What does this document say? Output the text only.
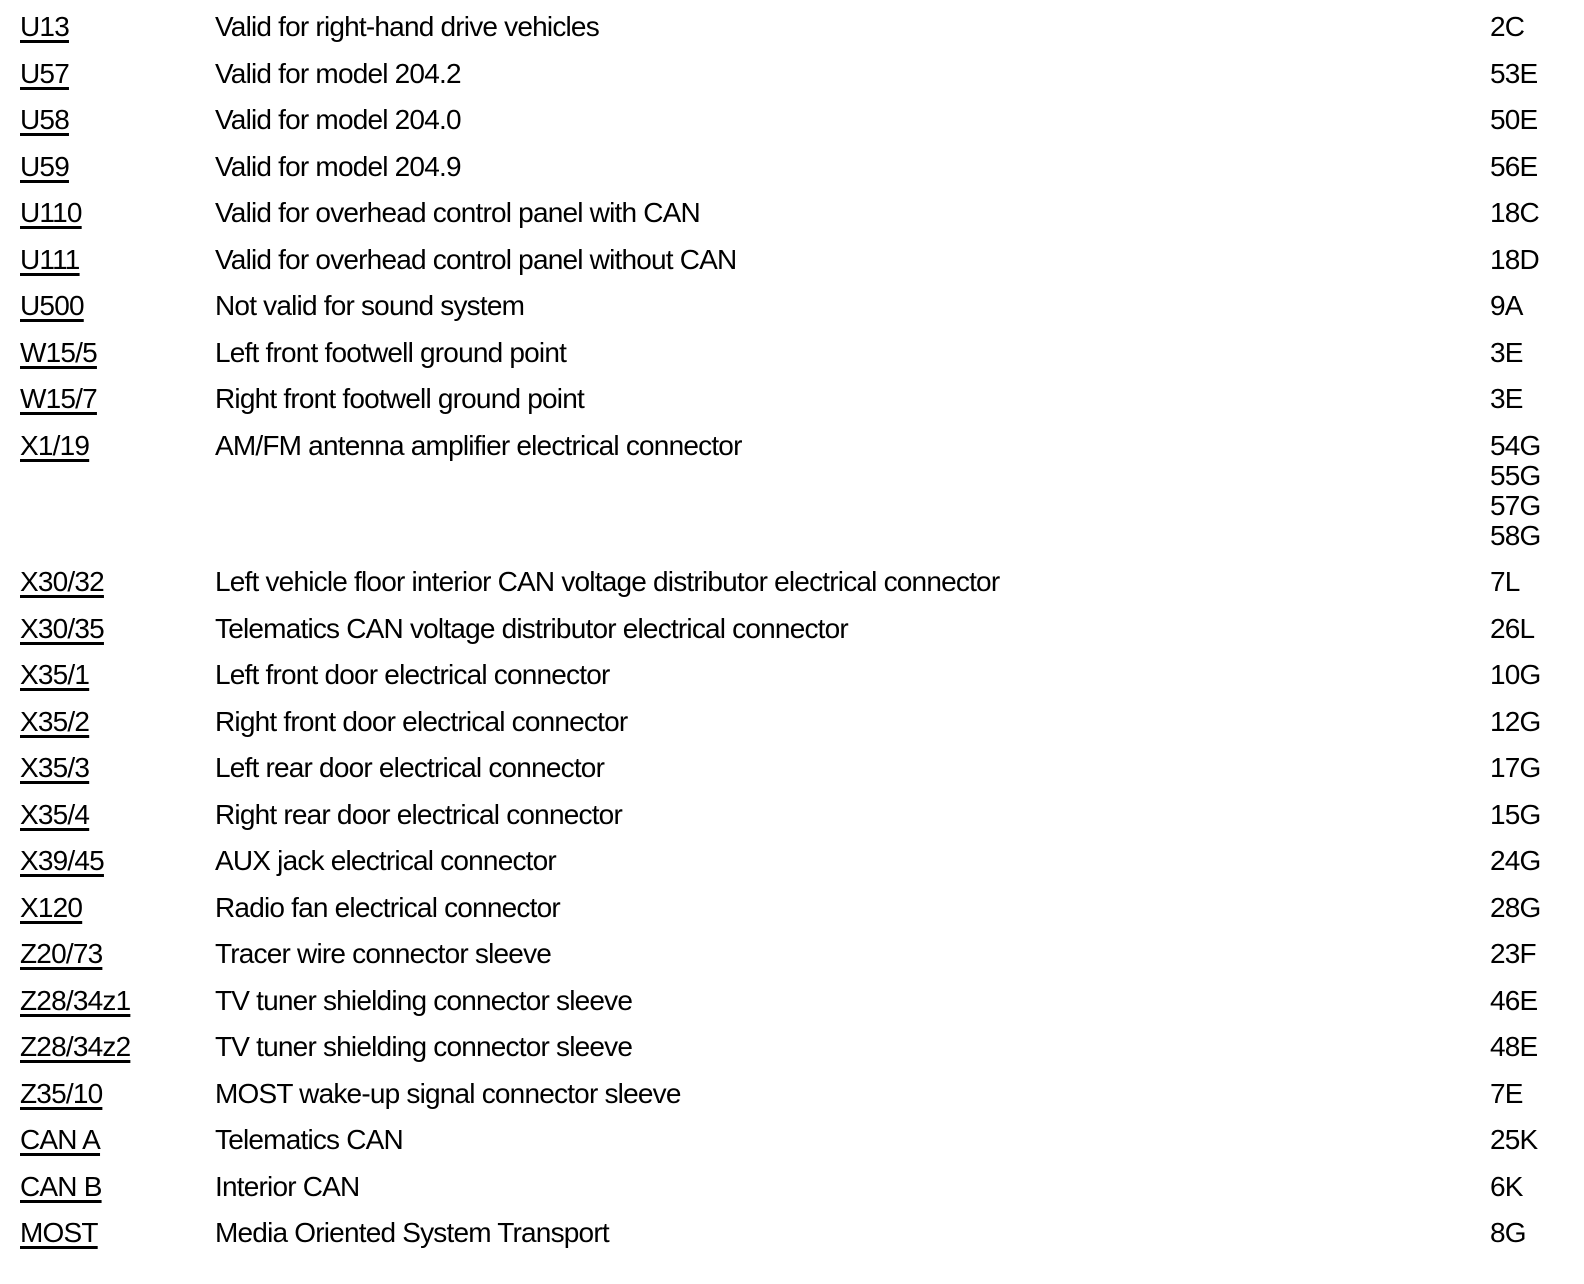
U13	Valid for right-hand drive vehicles	2C
U57	Valid for model 204.2	53E
U58	Valid for model 204.0	50E
U59	Valid for model 204.9	56E
U110	Valid for overhead control panel with CAN	18C
U111	Valid for overhead control panel without CAN	18D
U500	Not valid for sound system	9A
W15/5	Left front footwell ground point	3E
W15/7	Right front footwell ground point	3E
X1/19	AM/FM antenna amplifier electrical connector	54G
55G
57G
58G
X30/32	Left vehicle floor interior CAN voltage distributor electrical connector	7L
X30/35	Telematics CAN voltage distributor electrical connector	26L
X35/1	Left front door electrical connector	10G
X35/2	Right front door electrical connector	12G
X35/3	Left rear door electrical connector	17G
X35/4	Right rear door electrical connector	15G
X39/45	AUX jack electrical connector	24G
X120	Radio fan electrical connector	28G
Z20/73	Tracer wire connector sleeve	23F
Z28/34z1	TV tuner shielding connector sleeve	46E
Z28/34z2	TV tuner shielding connector sleeve	48E
Z35/10	MOST wake-up signal connector sleeve	7E
CAN A	Telematics CAN	25K
CAN B	Interior CAN	6K
MOST	Media Oriented System Transport	8G
